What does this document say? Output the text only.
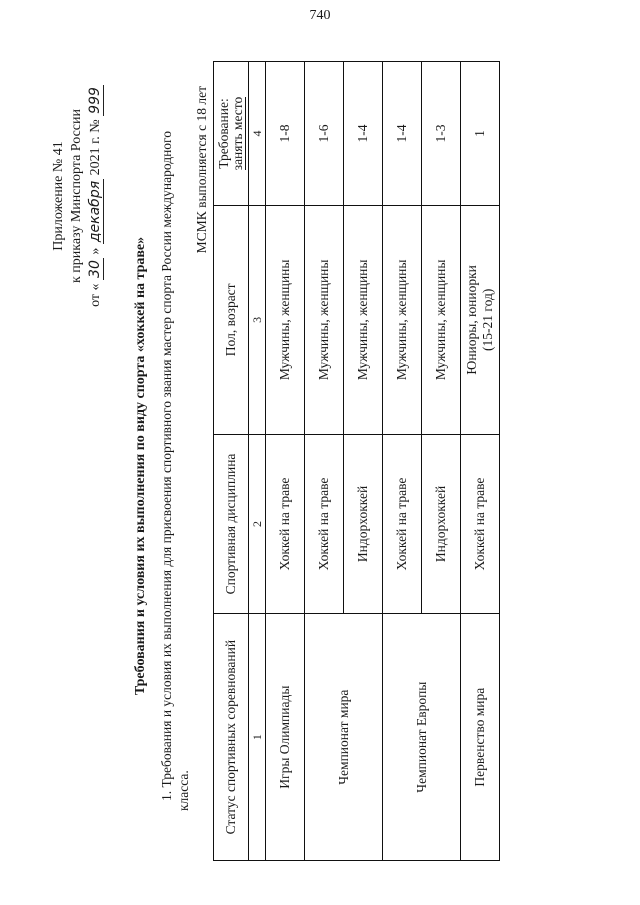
740
Приложение № 41 к приказу Минспорта России
от « 30 » декабря 2021 г. № 999
Требования и условия их выполнения по виду спорта «хоккей на траве» 1. Требования и условия их выполнения для присвоения спортивного звания мастер спорта России международного класса.
МСМК выполняется с 18 лет
Статус спортивных соревнований	Спортивная дисциплина	Пол, возраст	Требование: занять место
1	2	3	4
Игры Олимпиады	Хоккей на траве	Мужчины, женщины	1-8
Чемпионат мира	Хоккей на траве	Мужчины, женщины	1-6
	Индорхоккей	Мужчины, женщины	1-4
Чемпионат Европы	Хоккей на траве	Мужчины, женщины	1-4
	Индорхоккей	Мужчины, женщины	1-3
Первенство мира	Хоккей на траве	Юниоры, юниорки (15-21 год)	1
